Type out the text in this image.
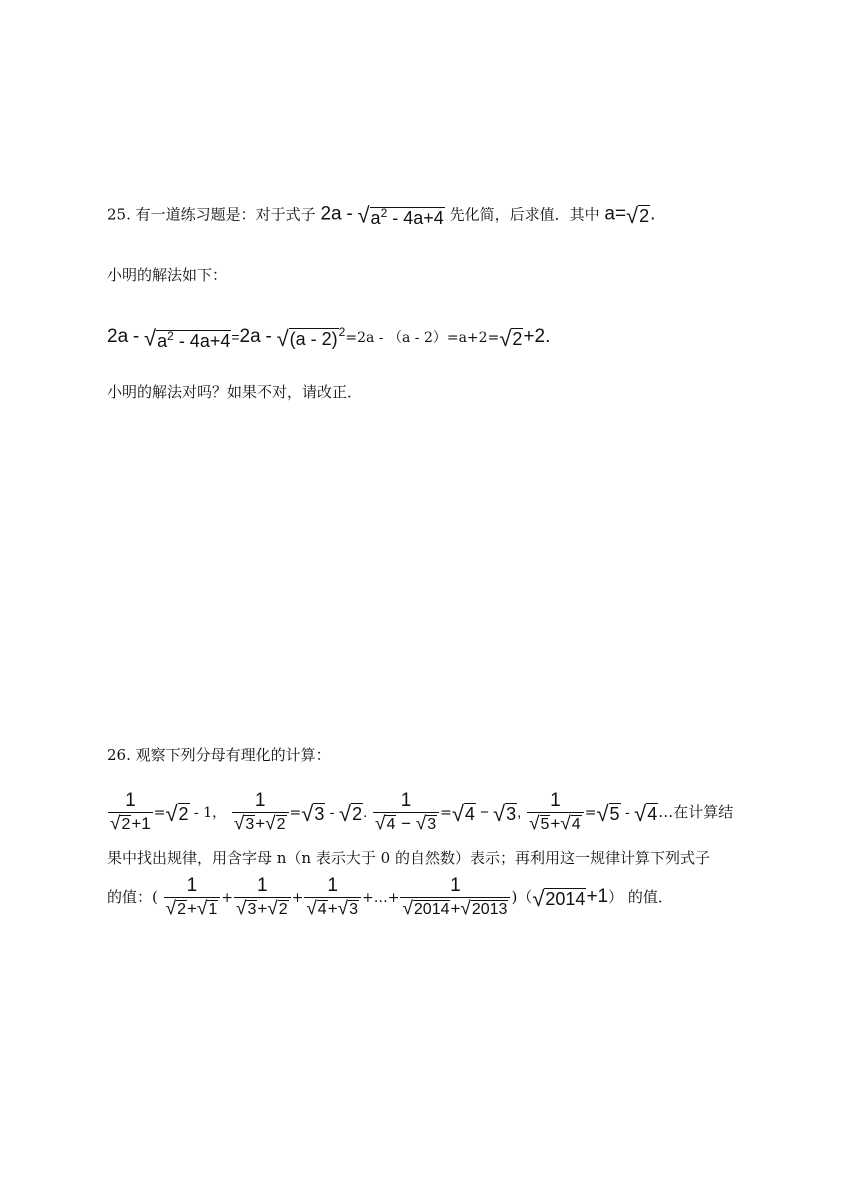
25. 有一道练习题是：对于式子 $2a - √a^2 - 4a+4$ 先化简，后求值．其中 a=√2.
小明的解法如下：
$2a - √a^2 - 4a+4=2a - √(a - 2)^2=2a - (a - 2)=a+2=√2+2$.
小明的解法对吗？如果不对，请改正．
26. 观察下列分母有理化的计算：
$\frac{1}{√2+1} =√2 - 1$， $\frac{1}{√3+√2} =√3 - √2$. $\frac{1}{√4 - √3} =√4 - √3$, $\frac{1}{√5+√4} =√5$ - √4…在计算结
果中找出规律，用含字母 n（n 表示大于 0 的自然数）表示；再利用这一规律计算下列式子
的值：( $\frac{1}{√2+√1} + \frac{1}{√3+√2} + \frac{1}{√4+√3}$ +…+ $\frac{1}{√2014+√2013} )(√2014+1)$ 的值．
